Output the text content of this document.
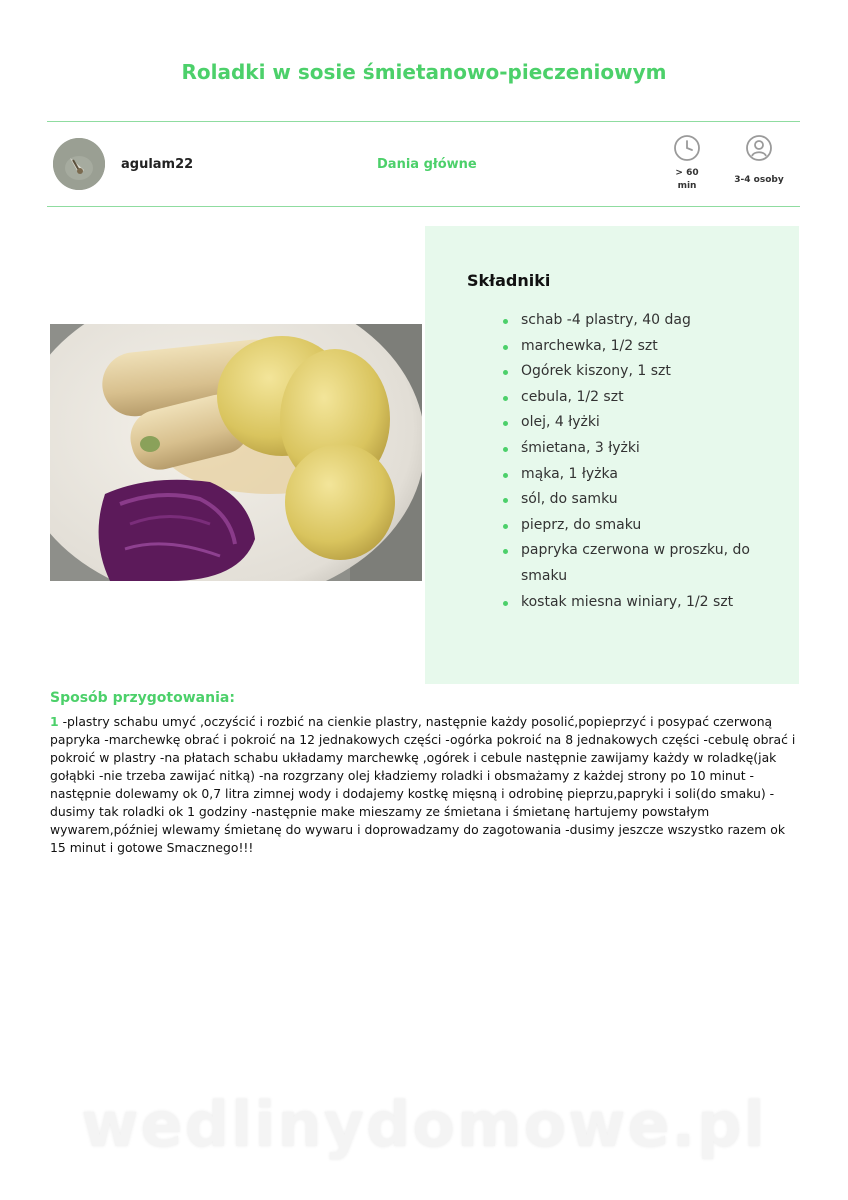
Roladki w sosie śmietanowo-pieczeniowym
agulam22	Dania główne
> 60
min
3-4 osoby
Składniki
schab -4 plastry, 40 dag
marchewka, 1/2 szt
Ogórek kiszony, 1 szt
cebula, 1/2 szt
olej, 4 łyżki
śmietana, 3 łyżki
mąka, 1 łyżka
sól, do samku
pieprz, do smaku
papryka czerwona w proszku, do smaku
kostak miesna winiary, 1/2 szt
Sposób przygotowania:
1 -plastry schabu umyć ,oczyścić i rozbić na cienkie plastry, następnie każdy posolić,popieprzyć i posypać czerwoną papryka -marchewkę obrać i pokroić na 12 jednakowych części -ogórka pokroić na 8 jednakowych części -cebulę obrać i pokroić w plastry -na płatach schabu układamy marchewkę ,ogórek i cebule następnie zawijamy każdy w roladkę(jak gołąbki -nie trzeba zawijać nitką) -na rozgrzany olej kładziemy roladki i obsmażamy z każdej strony po 10 minut -następnie dolewamy ok 0,7 litra zimnej wody i dodajemy kostkę mięsną i odrobinę pieprzu,papryki i soli(do smaku) -dusimy tak roladki ok 1 godziny -następnie make mieszamy ze śmietana i śmietanę hartujemy powstałym wywarem,później wlewamy śmietanę do wywaru i doprowadzamy do zagotowania -dusimy jeszcze wszystko razem ok 15 minut i gotowe Smacznego!!!
wedlinydomowe.pl
